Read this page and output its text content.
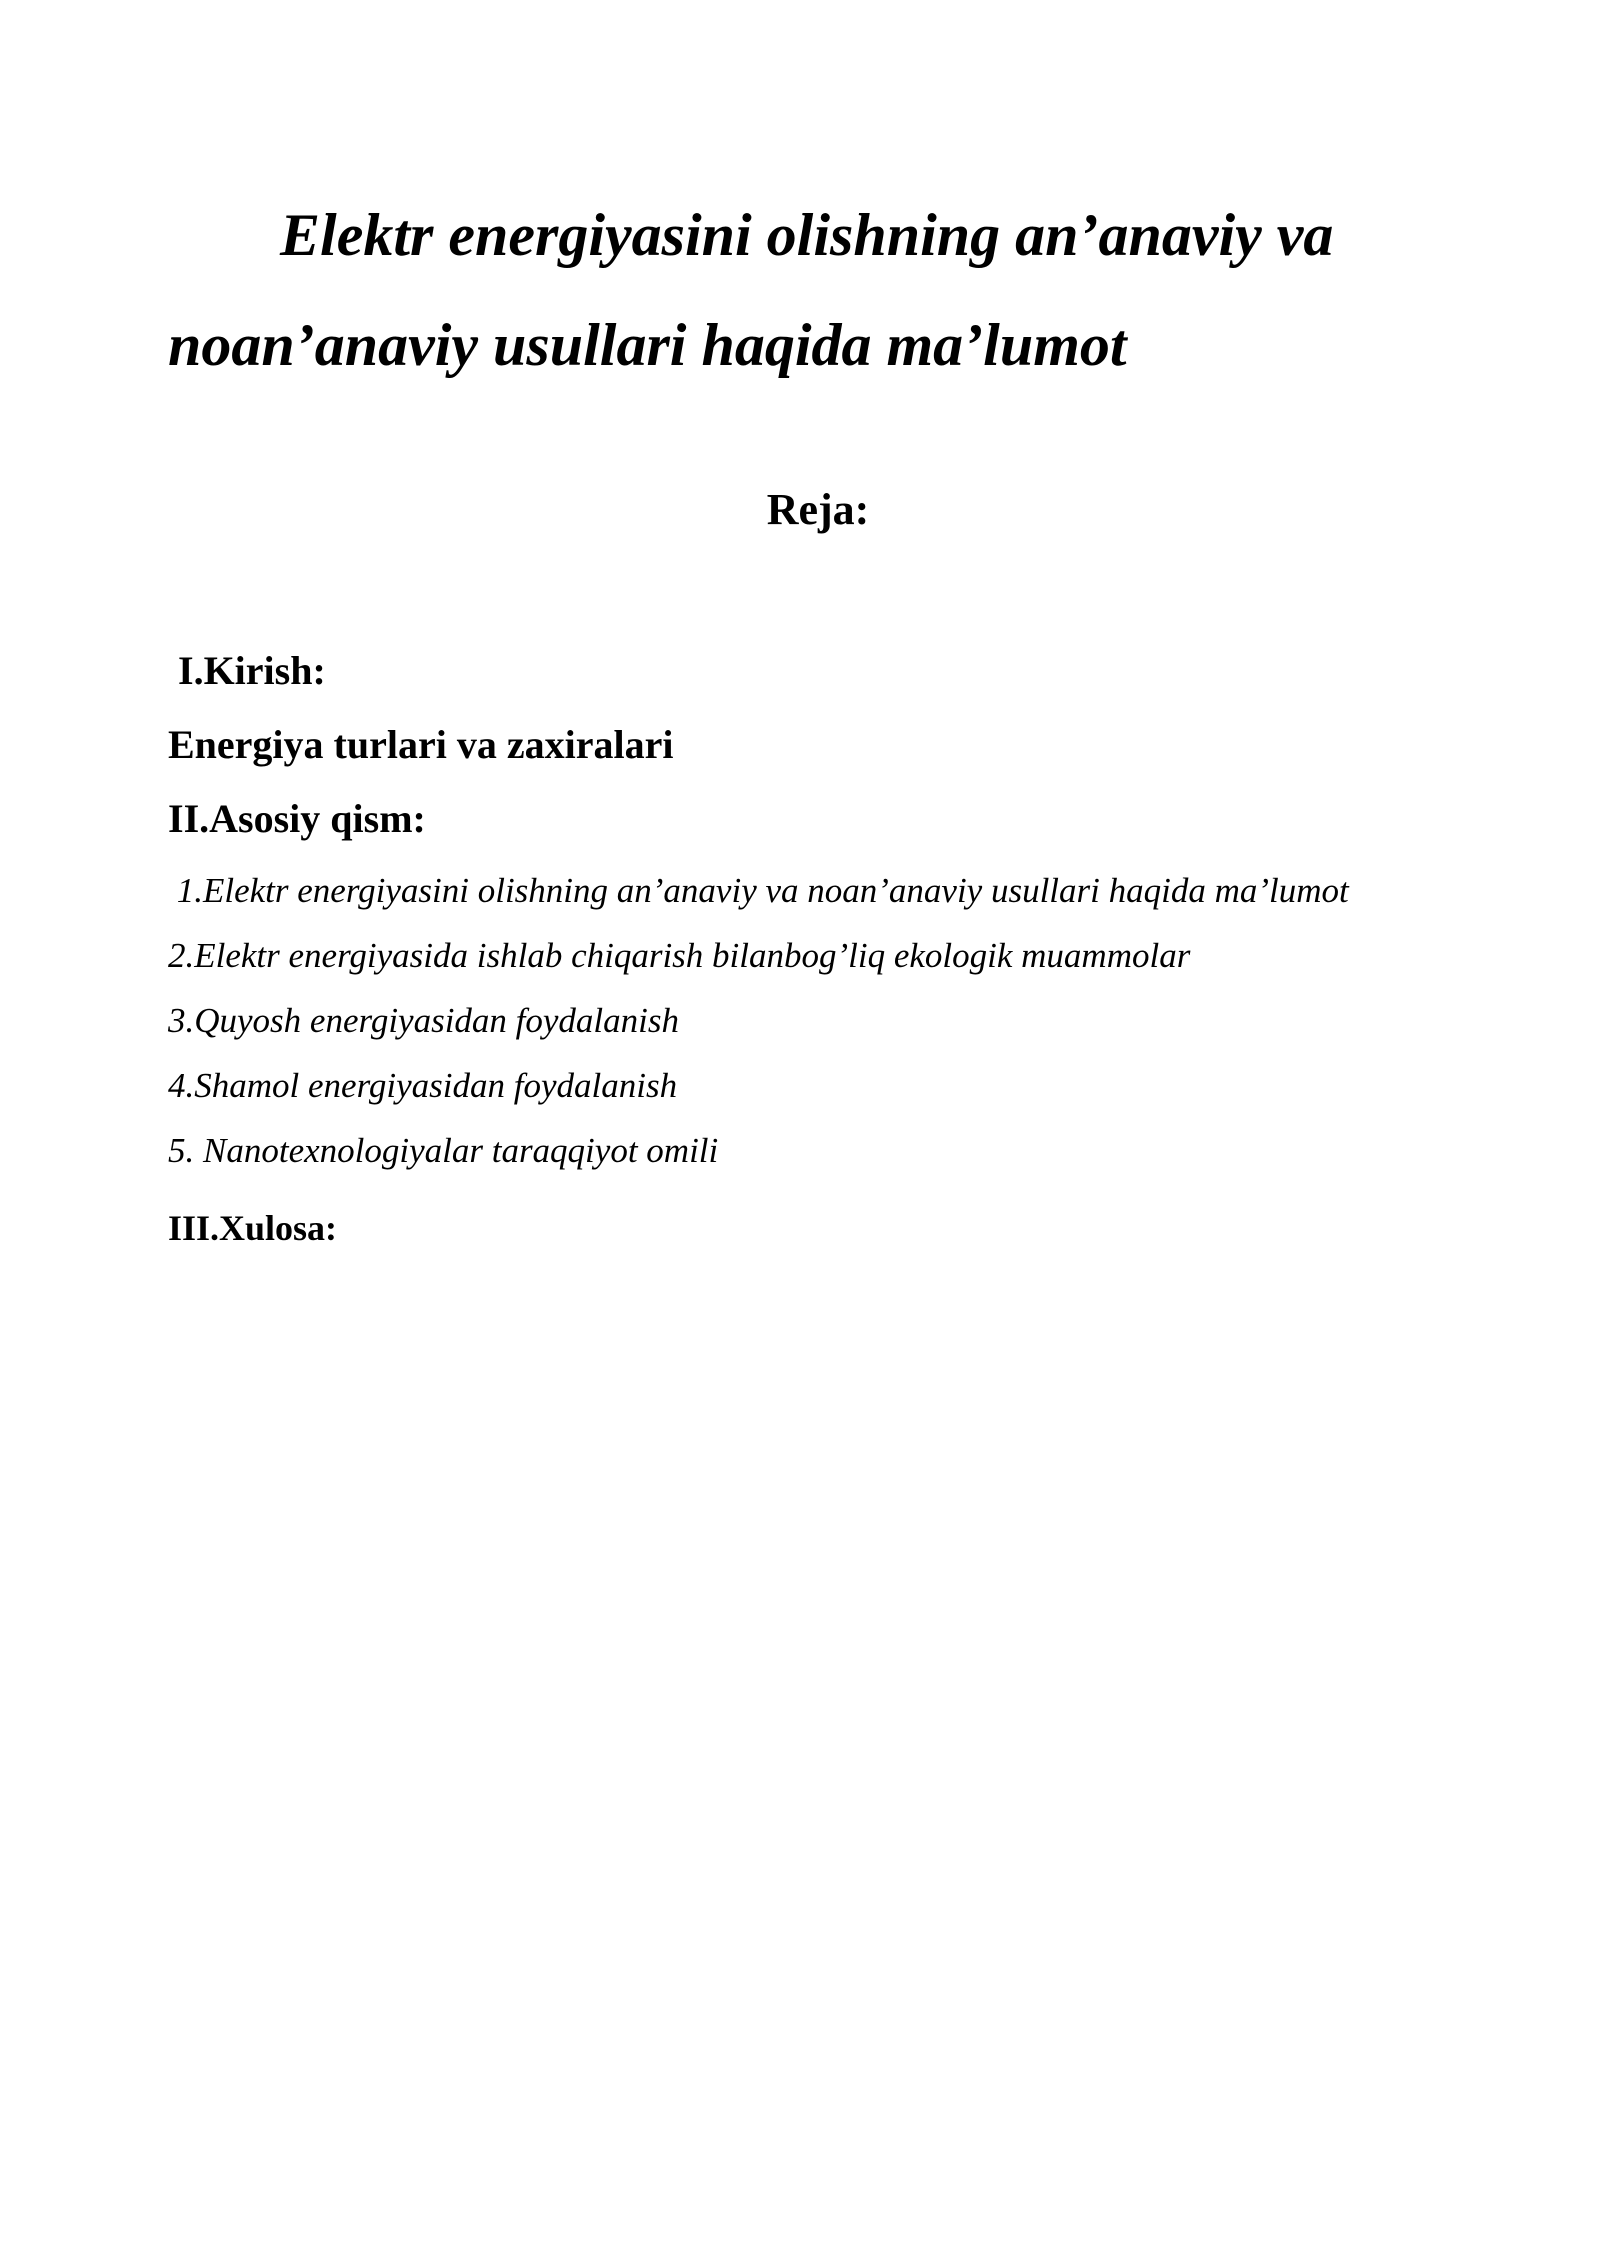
Elektr energiyasini olishning an’anaviy va noan’anaviy usullari haqida ma’lumot
Reja:

I.Kirish:

Energiya turlari va zaxiralari

II.Asosiy qism:

1.Elektr energiyasini olishning an’anaviy va noan’anaviy usullari haqida ma’lumot

2.Elektr energiyasida ishlab chiqarish bilanbog’liq ekologik muammolar

3.Quyosh energiyasidan foydalanish

4.Shamol energiyasidan foydalanish

5. Nanotexnologiyalar taraqqiyot omili

III.Xulosa:
